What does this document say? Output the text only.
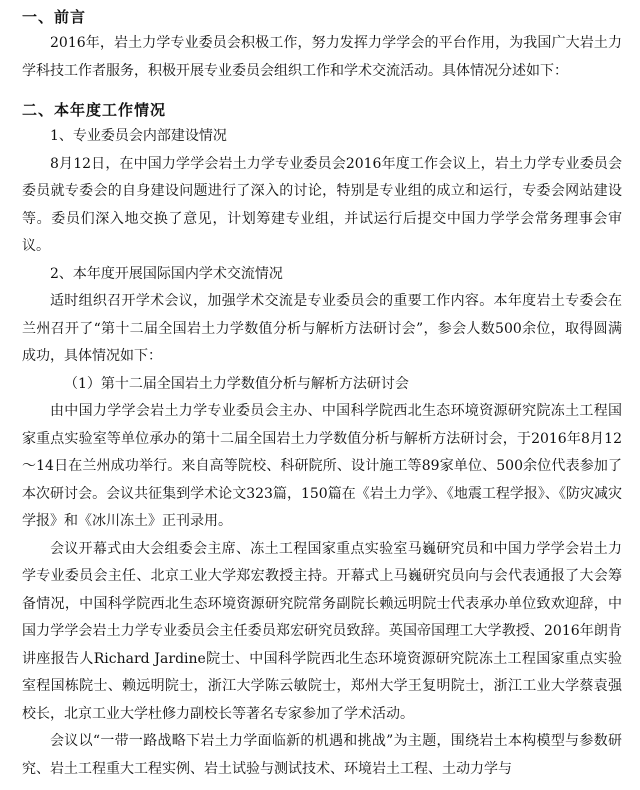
一、前言

2016年，岩土力学专业委员会积极工作，努力发挥力学学会的平台作用，为我国广大岩土力学科技工作者服务，积极开展专业委员会组织工作和学术交流活动。具体情况分述如下：

二、本年度工作情况

1、专业委员会内部建设情况

8月12日，在中国力学学会岩土力学专业委员会2016年度工作会议上，岩土力学专业委员会委员就专委会的自身建设问题进行了深入的讨论，特别是专业组的成立和运行，专委会网站建设等。委员们深入地交换了意见，计划筹建专业组，并试运行后提交中国力学学会常务理事会审议。

2、本年度开展国际国内学术交流情况

适时组织召开学术会议，加强学术交流是专业委员会的重要工作内容。本年度岩土专委会在兰州召开了“第十二届全国岩土力学数值分析与解析方法研讨会”，参会人数500余位，取得圆满成功，具体情况如下：

（1）第十二届全国岩土力学数值分析与解析方法研讨会

由中国力学学会岩土力学专业委员会主办、中国科学院西北生态环境资源研究院冻土工程国家重点实验室等单位承办的第十二届全国岩土力学数值分析与解析方法研讨会，于2016年8月12～14日在兰州成功举行。来自高等院校、科研院所、设计施工等89家单位、500余位代表参加了本次研讨会。会议共征集到学术论文323篇，150篇在《岩土力学》、《地震工程学报》、《防灾减灾学报》和《冰川冻土》正刊录用。

会议开幕式由大会组委会主席、冻土工程国家重点实验室马巍研究员和中国力学学会岩土力学专业委员会主任、北京工业大学郑宏教授主持。开幕式上马巍研究员向与会代表通报了大会筹备情况，中国科学院西北生态环境资源研究院常务副院长赖远明院士代表承办单位致欢迎辞，中国力学学会岩土力学专业委员会主任委员郑宏研究员致辞。英国帝国理工大学教授、2016年朗肯讲座报告人Richard Jardine院士、中国科学院西北生态环境资源研究院冻土工程国家重点实验室程国栋院士、赖远明院士，浙江大学陈云敏院士，郑州大学王复明院士，浙江工业大学蔡袁强校长，北京工业大学杜修力副校长等著名专家参加了学术活动。

会议以“一带一路战略下岩土力学面临新的机遇和挑战”为主题，围绕岩土本构模型与参数研究、岩土工程重大工程实例、岩土试验与测试技术、环境岩土工程、土动力学与
